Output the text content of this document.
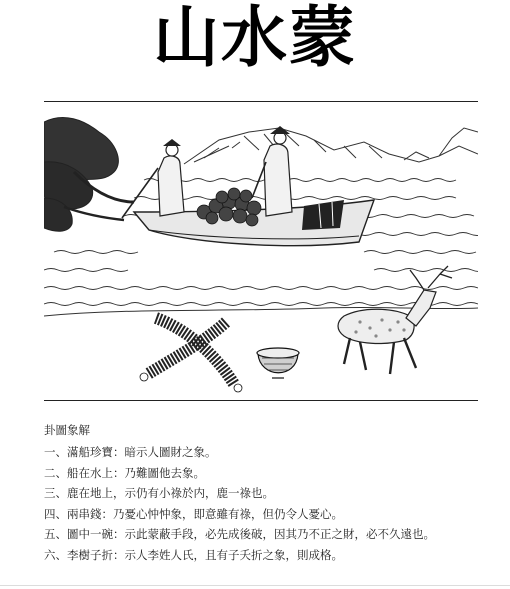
山水蒙
卦圖象解
一、滿船珍寶：暗示人圖財之象。
二、船在水上：乃難圖他去象。
三、鹿在地上，示仍有小祿於内，鹿一祿也。
四、兩串錢：乃憂心忡忡象，即意雖有祿，但仍令人憂心。
五、圖中一碗：示此蒙蔽手段，必先成後破，因其乃不正之財，必不久遠也。
六、李樹子折：示人李姓人氏，且有子夭折之象，則成格。
